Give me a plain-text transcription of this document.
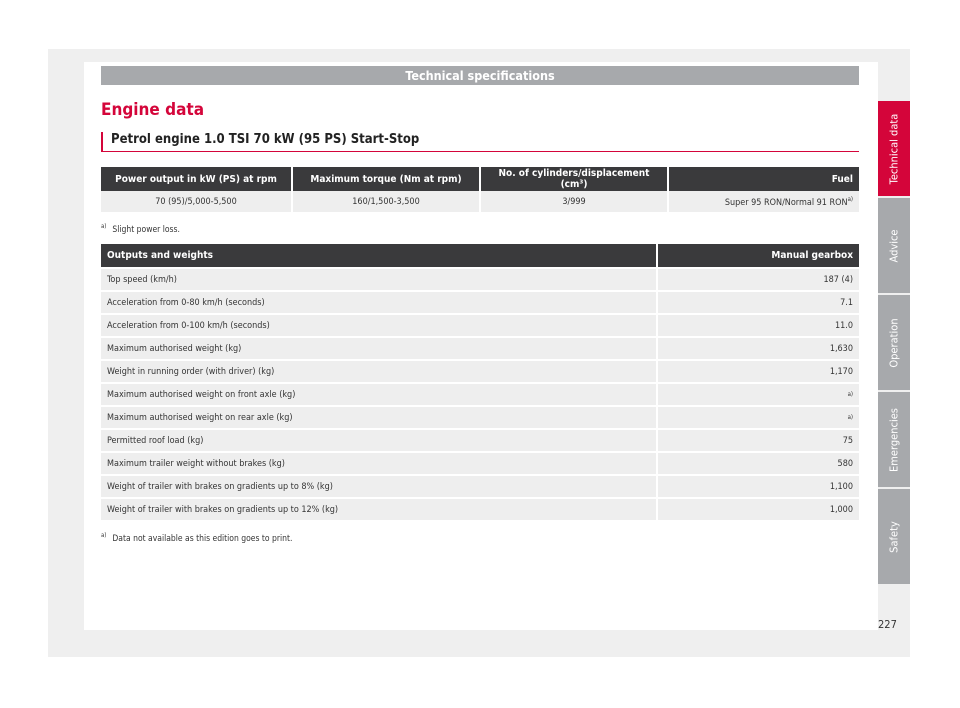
Technical specifications
Engine data
Petrol engine 1.0 TSI 70 kW (95 PS) Start-Stop
Power output in kW (PS) at rpm	Maximum torque (Nm at rpm)	No. of cylinders/displacement (cm³)	Fuel
70 (95)/5,000-5,500	160/1,500-3,500	3/999	Super 95 RON/Normal 91 RON$^{a)}$
$^{a)}$ Slight power loss.
Outputs and weights	Manual gearbox
Top speed (km/h)	187 (4)
Acceleration from 0-80 km/h (seconds)	7.1
Acceleration from 0-100 km/h (seconds)	11.0
Maximum authorised weight (kg)	1,630
Weight in running order (with driver) (kg)	1,170
Maximum authorised weight on front axle (kg)	a)
Maximum authorised weight on rear axle (kg)	a)
Permitted roof load (kg)	75
Maximum trailer weight without brakes (kg)	580
Weight of trailer with brakes on gradients up to 8% (kg)	1,100
Weight of trailer with brakes on gradients up to 12% (kg)	1,000
$^{a)}$ Data not available as this edition goes to print.
Technical data
Advice
Operation
Emergencies
Safety
227
